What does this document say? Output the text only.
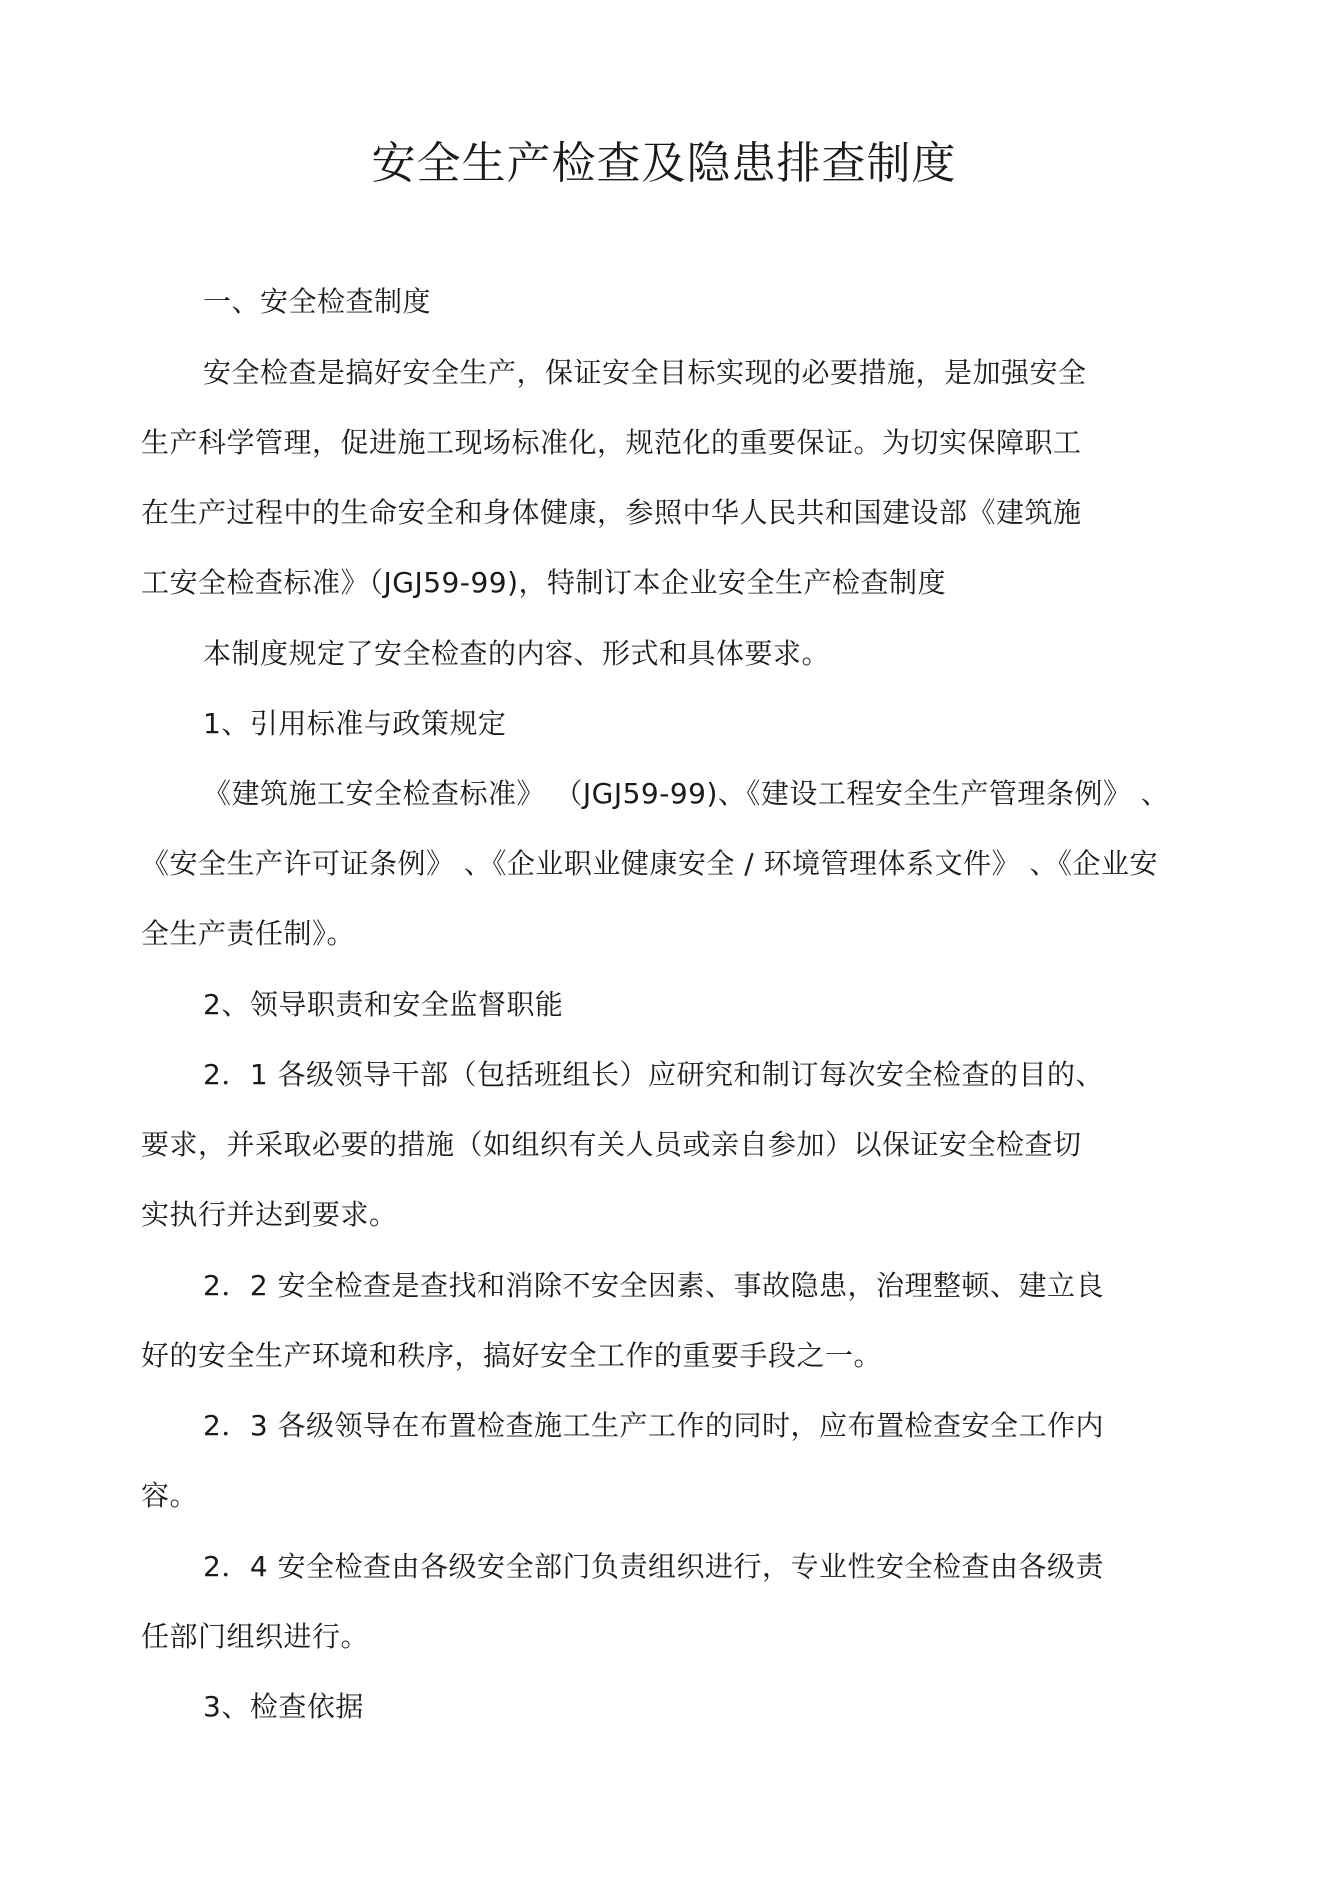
安全生产检查及隐患排查制度
一、安全检查制度
安全检查是搞好安全生产，保证安全目标实现的必要措施，是加强安全
生产科学管理，促进施工现场标准化，规范化的重要保证。为切实保障职工
在生产过程中的生命安全和身体健康，参照中华人民共和国建设部《建筑施
工安全检查标准》（JGJ59-99)，特制订本企业安全生产检查制度
本制度规定了安全检查的内容、形式和具体要求。
1、引用标准与政策规定
《建筑施工安全检查标准》 （JGJ59-99)、《建设工程安全生产管理条例》 、
《安全生产许可证条例》 、《企业职业健康安全 / 环境管理体系文件》 、《企业安
全生产责任制》。
2、领导职责和安全监督职能
2．1 各级领导干部（包括班组长）应研究和制订每次安全检查的目的、
要求，并采取必要的措施（如组织有关人员或亲自参加）以保证安全检查切
实执行并达到要求。
2．2 安全检查是查找和消除不安全因素、事故隐患，治理整顿、建立良
好的安全生产环境和秩序，搞好安全工作的重要手段之一。
2．3 各级领导在布置检查施工生产工作的同时，应布置检查安全工作内
容。
2．4 安全检查由各级安全部门负责组织进行，专业性安全检查由各级责
任部门组织进行。
3、检查依据
